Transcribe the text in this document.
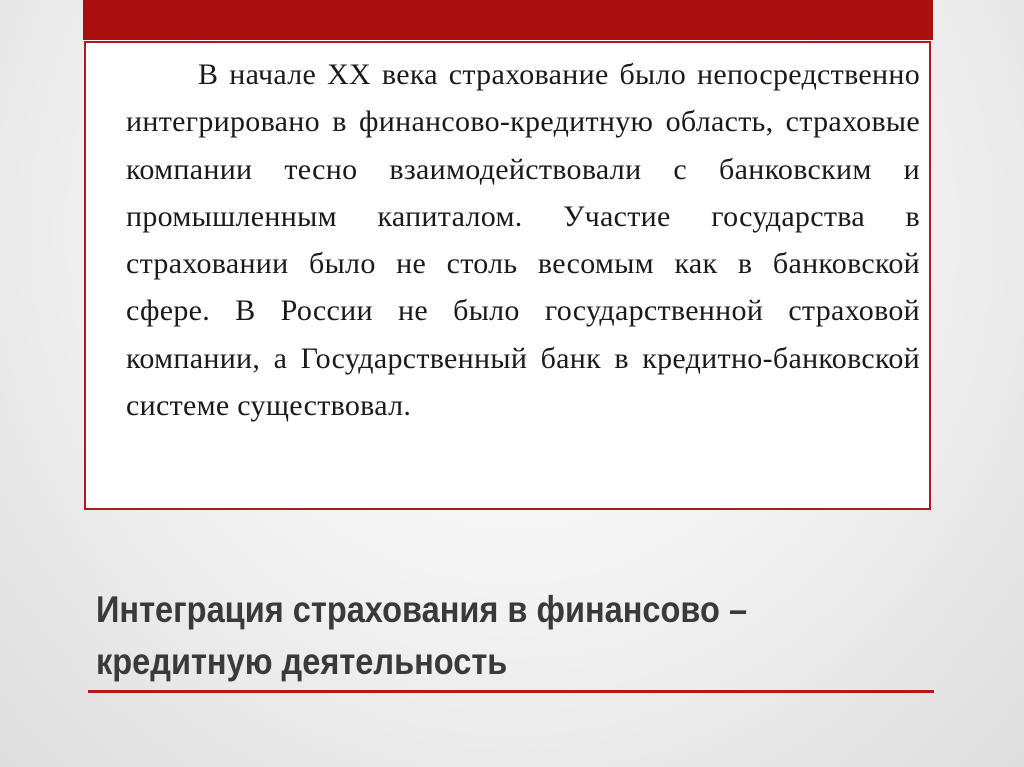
В начале XX века страхование было непосредственно интегрировано в финансово-кредитную область, страховые компании тесно взаимодействовали с банковским и промышленным капиталом. Участие государства в страховании было не столь весомым как в банковской сфере. В России не было государственной страховой компании, а Государственный банк в кредитно-банковской системе существовал.

Интеграция страхования в финансово –
кредитную деятельность
